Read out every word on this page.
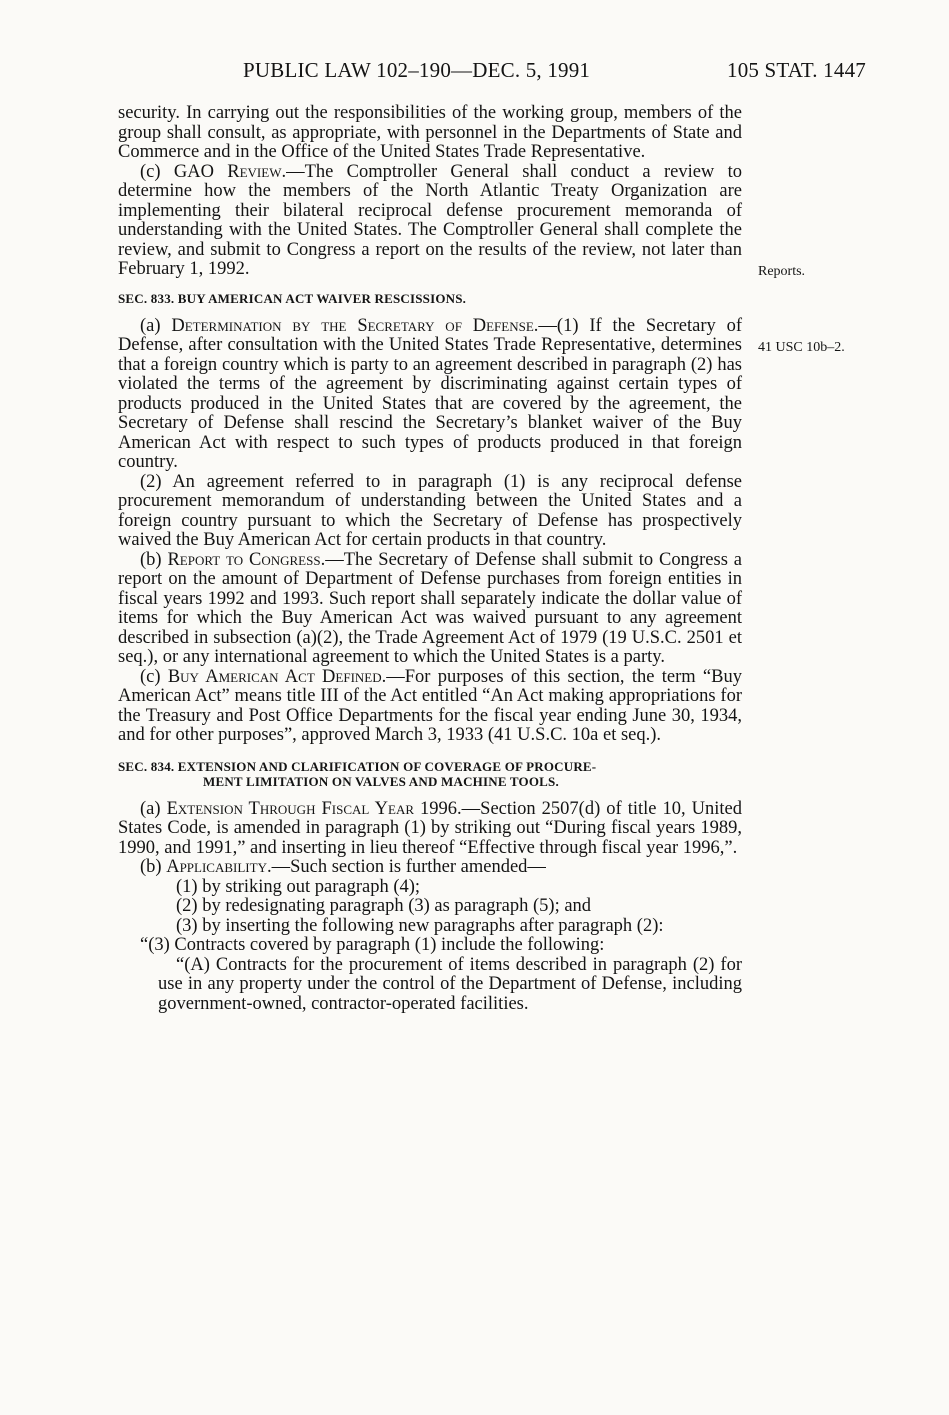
PUBLIC LAW 102–190—DEC. 5, 1991	105 STAT. 1447
Reports.
41 USC 10b–2.

security. In carrying out the responsibilities of the working group, members of the group shall consult, as appropriate, with personnel in the Departments of State and Commerce and in the Office of the United States Trade Representative.

(c) GAO Review.—The Comptroller General shall conduct a review to determine how the members of the North Atlantic Treaty Organization are implementing their bilateral reciprocal defense procurement memoranda of understanding with the United States. The Comptroller General shall complete the review, and submit to Congress a report on the results of the review, not later than February 1, 1992.

SEC. 833. BUY AMERICAN ACT WAIVER RESCISSIONS.

(a) Determination by the Secretary of Defense.—(1) If the Secretary of Defense, after consultation with the United States Trade Representative, determines that a foreign country which is party to an agreement described in paragraph (2) has violated the terms of the agreement by discriminating against certain types of products produced in the United States that are covered by the agreement, the Secretary of Defense shall rescind the Secretary’s blanket waiver of the Buy American Act with respect to such types of products produced in that foreign country.

(2) An agreement referred to in paragraph (1) is any reciprocal defense procurement memorandum of understanding between the United States and a foreign country pursuant to which the Secretary of Defense has prospectively waived the Buy American Act for certain products in that country.

(b) Report to Congress.—The Secretary of Defense shall submit to Congress a report on the amount of Department of Defense purchases from foreign entities in fiscal years 1992 and 1993. Such report shall separately indicate the dollar value of items for which the Buy American Act was waived pursuant to any agreement described in subsection (a)(2), the Trade Agreement Act of 1979 (19 U.S.C. 2501 et seq.), or any international agreement to which the United States is a party.

(c) Buy American Act Defined.—For purposes of this section, the term “Buy American Act” means title III of the Act entitled “An Act making appropriations for the Treasury and Post Office Departments for the fiscal year ending June 30, 1934, and for other purposes”, approved March 3, 1933 (41 U.S.C. 10a et seq.).

SEC. 834. EXTENSION AND CLARIFICATION OF COVERAGE OF PROCURE-
MENT LIMITATION ON VALVES AND MACHINE TOOLS.

(a) Extension Through Fiscal Year 1996.—Section 2507(d) of title 10, United States Code, is amended in paragraph (1) by striking out “During fiscal years 1989, 1990, and 1991,” and inserting in lieu thereof “Effective through fiscal year 1996,”.

(b) Applicability.—Such section is further amended—

(1) by striking out paragraph (4);

(2) by redesignating paragraph (3) as paragraph (5); and

(3) by inserting the following new paragraphs after paragraph (2):

“(3) Contracts covered by paragraph (1) include the following:

“(A) Contracts for the procurement of items described in paragraph (2) for use in any property under the control of the Department of Defense, including government-owned, contractor-operated facilities.
